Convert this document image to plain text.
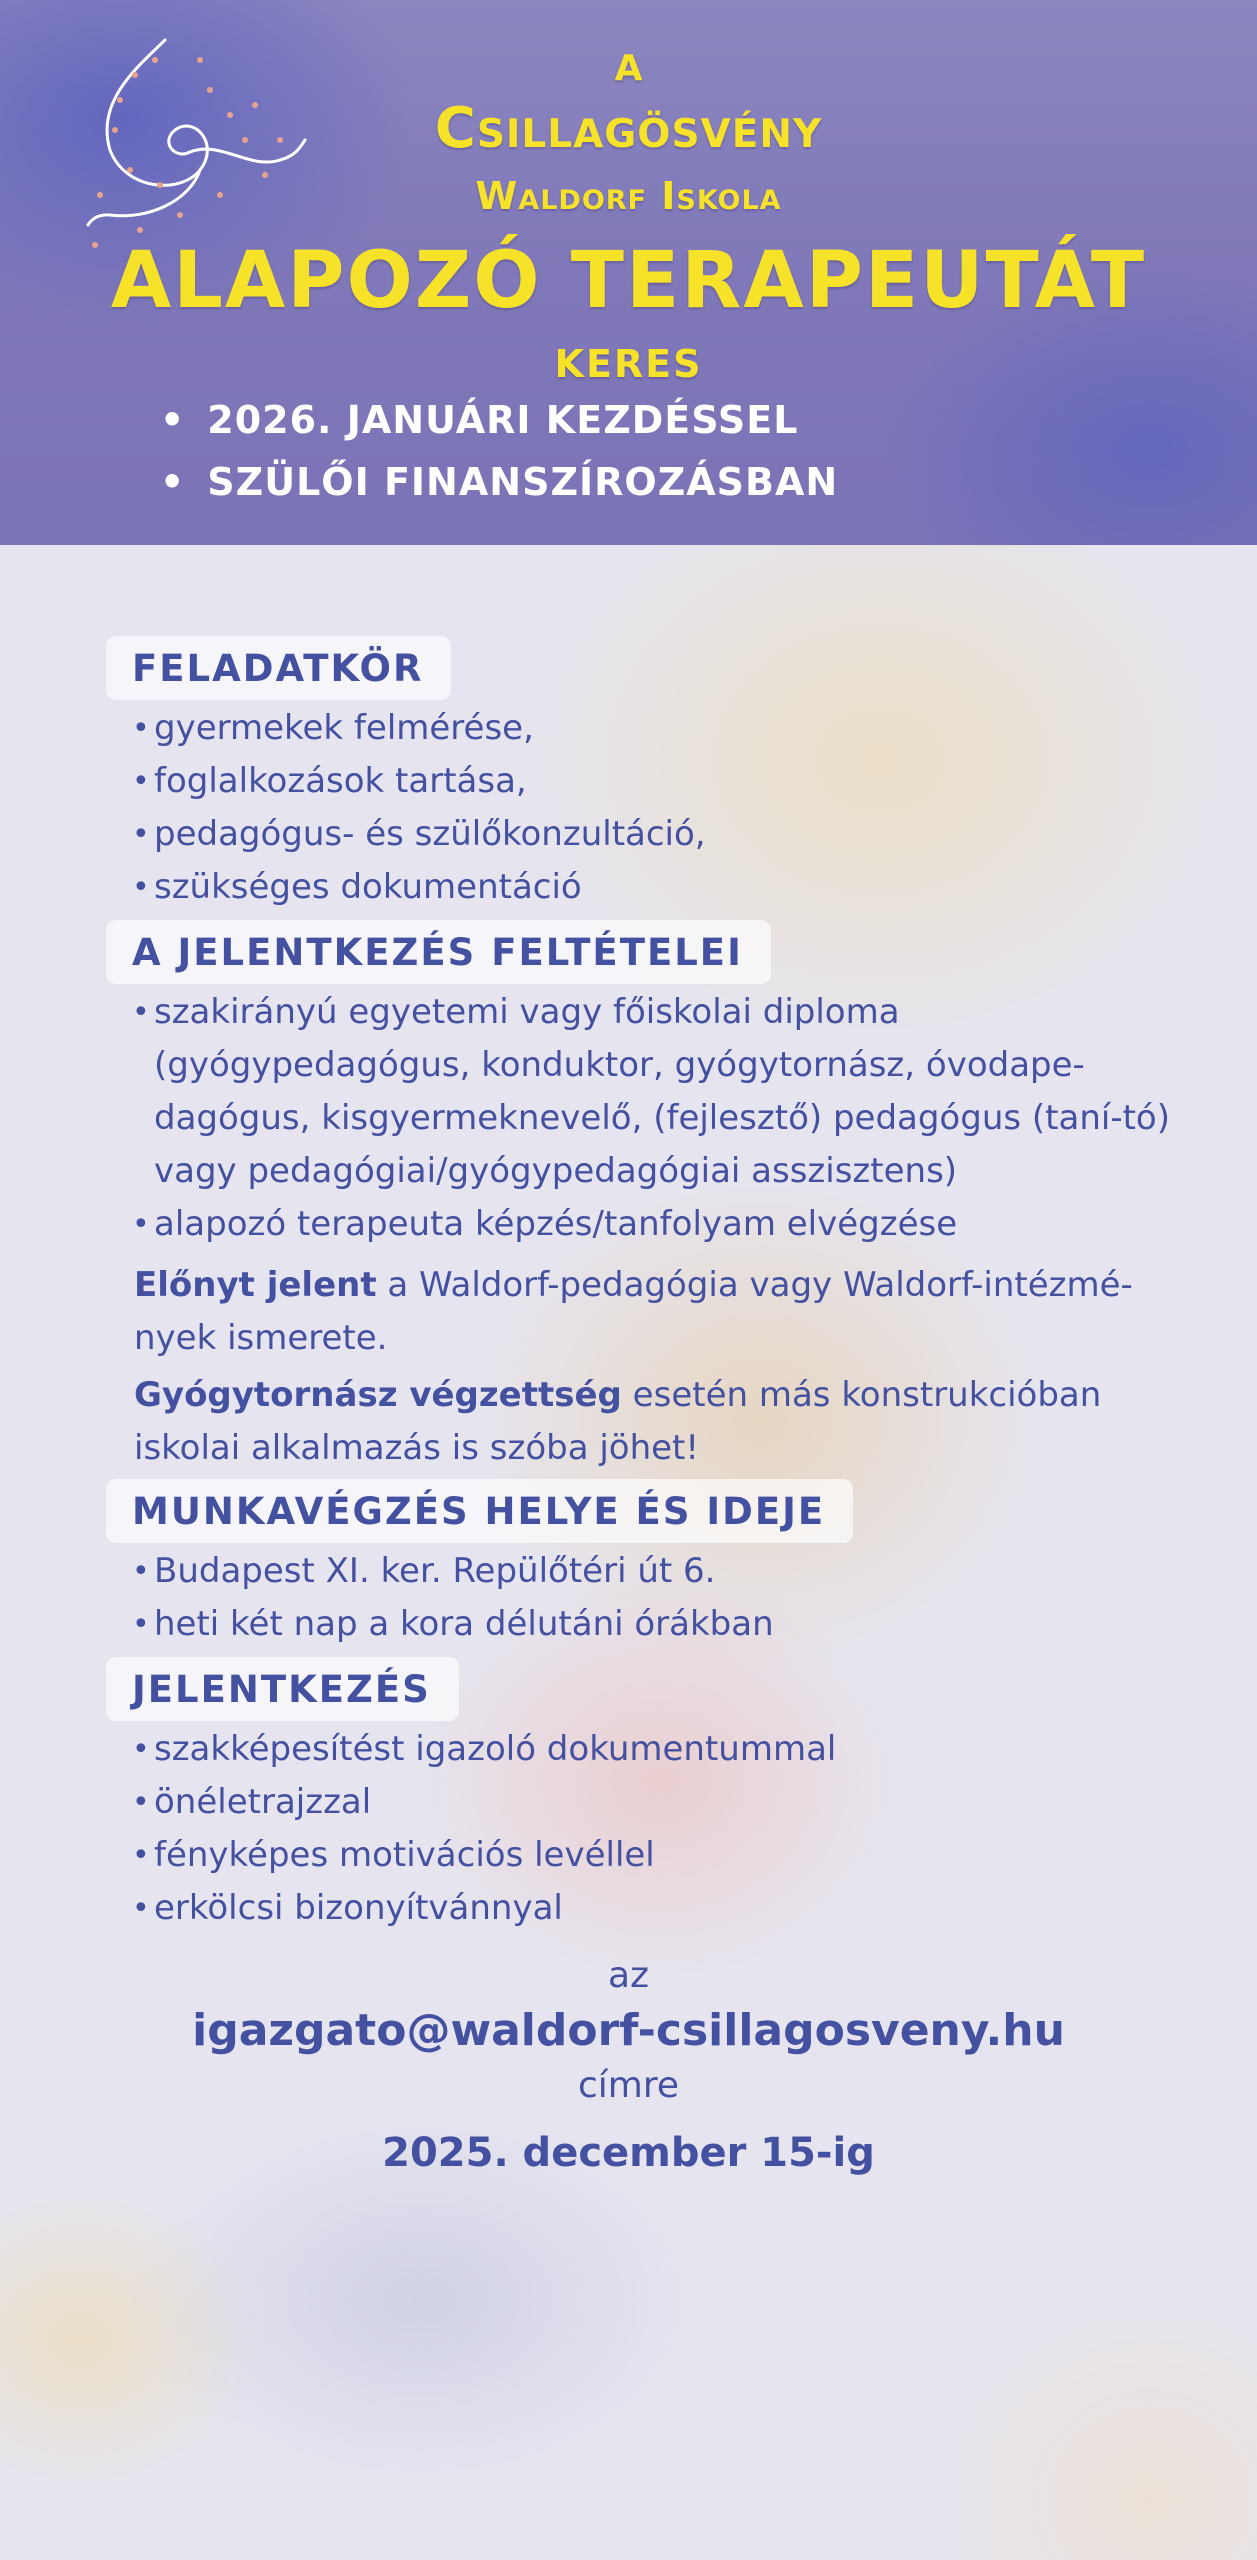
A
Csillagösvény
Waldorf Iskola
ALAPOZÓ TERAPEUTÁT
KERES
• 2026. JANUÁRI KEZDÉSSEL
• SZÜLŐI FINANSZÍROZÁSBAN
FELADATKÖR
• gyermekek felmérése,
• foglalkozások tartása,
• pedagógus- és szülőkonzultáció,
• szükséges dokumentáció
A JELENTKEZÉS FELTÉTELEI
• szakirányú egyetemi vagy főiskolai diploma (gyógypedagógus, konduktor, gyógytornász, óvodape-dagógus, kisgyermeknevelő, (fejlesztő) pedagógus (taní-tó) vagy pedagógiai/gyógypedagógiai asszisztens)
• alapozó terapeuta képzés/tanfolyam elvégzése
Előnyt jelent a Waldorf-pedagógia vagy Waldorf-intézmé-nyek ismerete.
Gyógytornász végzettség esetén más konstrukcióban iskolai alkalmazás is szóba jöhet!
MUNKAVÉGZÉS HELYE ÉS IDEJE
• Budapest XI. ker. Repülőtéri út 6.
• heti két nap a kora délutáni órákban
JELENTKEZÉS
• szakképesítést igazoló dokumentummal
• önéletrajzzal
• fényképes motivációs levéllel
• erkölcsi bizonyítvánnyal
az
igazgato@waldorf-csillagosveny.hu
címre
2025. december 15-ig
